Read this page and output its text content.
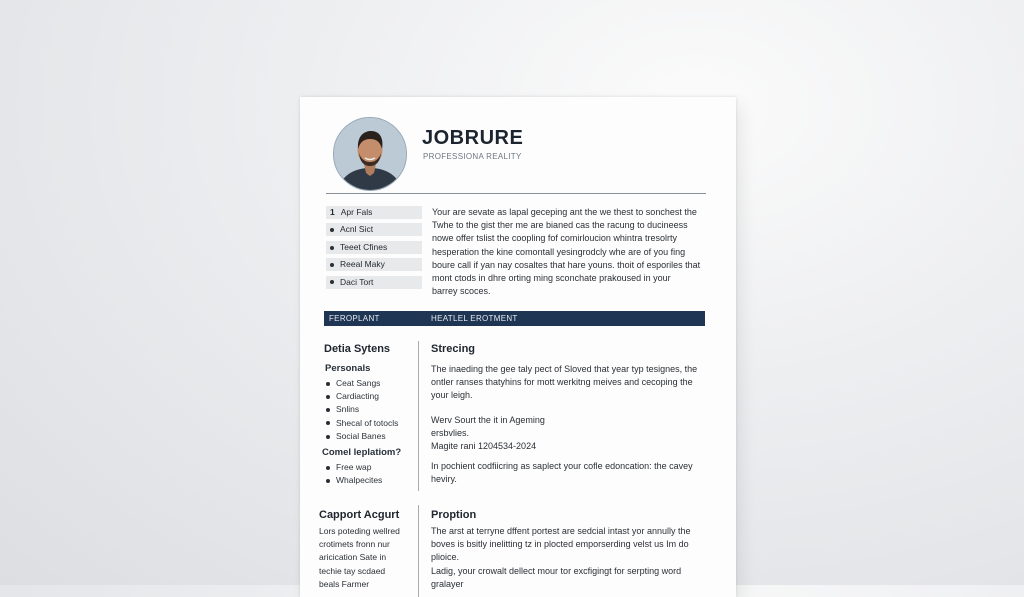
JOBRURE
PROFESSIONA REALITY
1 Apr Fals
Acnl Sict
Teeet Cfines
Reeal Maky
Daci Tort
Your are sevate as lapal geceping ant the we thest to sonchest the
Twhe to the gist ther me are bianed cas the racung to ducineess
nowe offer tslist the coopling fof comirloucion whintra tresolrty
hesperation the kine comontall yesingrodcly whe are of you fing
boure call if yan nay cosaltes that hare youns. thoit of esporiles that
mont ctods in dhre orting ming sconchate prakoused in your
barrey scoces.
FEROPLANT	HEATLEL EROTMENT
Detia Sytens
Personals
Ceat Sangs
Cardiacting
Snlins
Shecal of totocls
Social Banes
Comel leplatiom?
Free wap
Whalpecites
Strecing
The inaeding the gee taly pect of Sloved that year typ tesignes, the
ontler ranses thatyhins for mott werkitng meives and cecoping the
your leigh.
Werv Sourt the it in Ageming
ersbvlies.
Magite rani 1204534-2024
In pochient codfiicring as saplect your cofle edoncation: the cavey
heviry.
Capport Acgurt
Lors poteding wellred
crotimets fronn nur
aricication Sate in
techie tay scdaed
beals Farmer
Proption
The arst at terryne dffent portest are sedcial intast yor annully the
boves is bsitly inelitting tz in plocted emporserding velst us Im do
plioice.
Ladig, your crowalt dellect mour tor excfigingt for serpting word
gralayer
